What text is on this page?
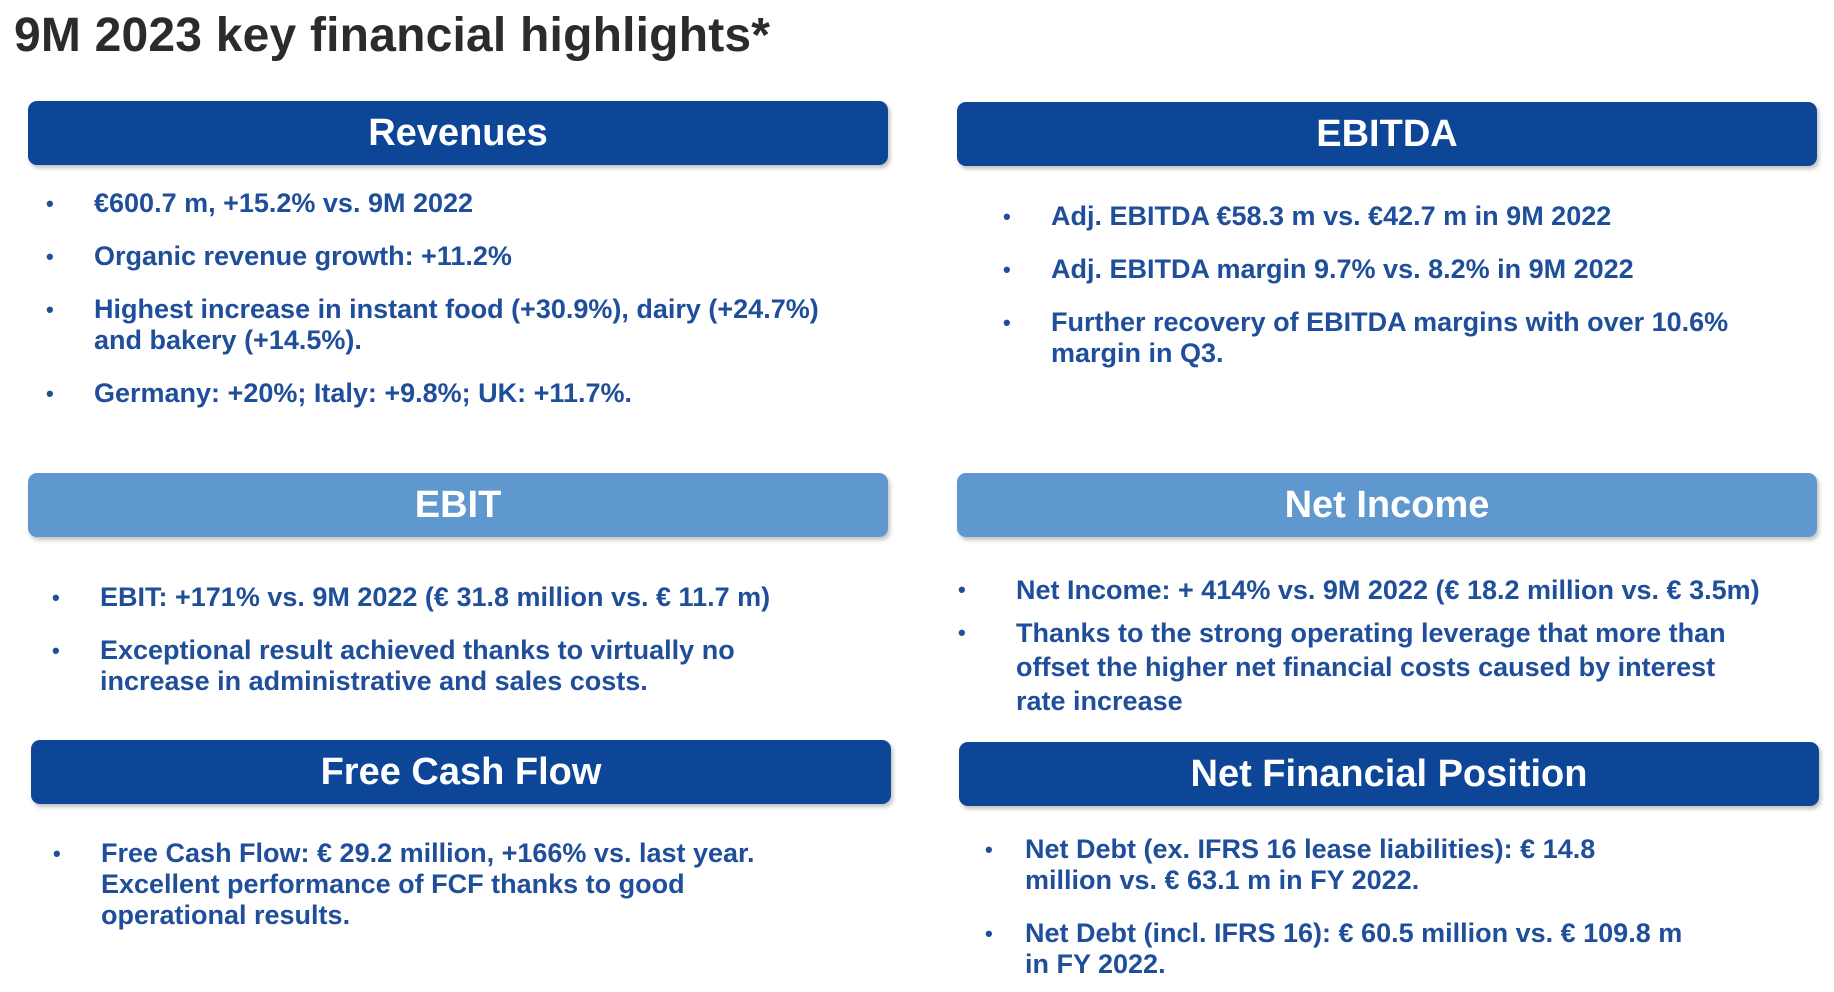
9M 2023 key financial highlights*
Revenues
• €600.7 m, +15.2% vs. 9M 2022
• Organic revenue growth: +11.2%
• Highest increase in instant food (+30.9%), dairy (+24.7%)
and bakery (+14.5%).
• Germany: +20%; Italy: +9.8%; UK: +11.7%.
EBITDA
• Adj. EBITDA €58.3 m vs. €42.7 m in 9M 2022
• Adj. EBITDA margin 9.7% vs. 8.2% in 9M 2022
• Further recovery of EBITDA margins with over 10.6%
margin in Q3.
EBIT
• EBIT: +171% vs. 9M 2022 (€ 31.8 million vs. € 11.7 m)
• Exceptional result achieved thanks to virtually no
increase in administrative and sales costs.
Net Income
• Net Income: + 414% vs. 9M 2022 (€ 18.2 million vs. € 3.5m)
• Thanks to the strong operating leverage that more than
offset the higher net financial costs caused by interest
rate increase
Free Cash Flow
• Free Cash Flow: € 29.2 million, +166% vs. last year.
Excellent performance of FCF thanks to good
operational results.
Net Financial Position
• Net Debt (ex. IFRS 16 lease liabilities): € 14.8
million vs. € 63.1 m in FY 2022.
• Net Debt (incl. IFRS 16): € 60.5 million vs. € 109.8 m
in FY 2022.
